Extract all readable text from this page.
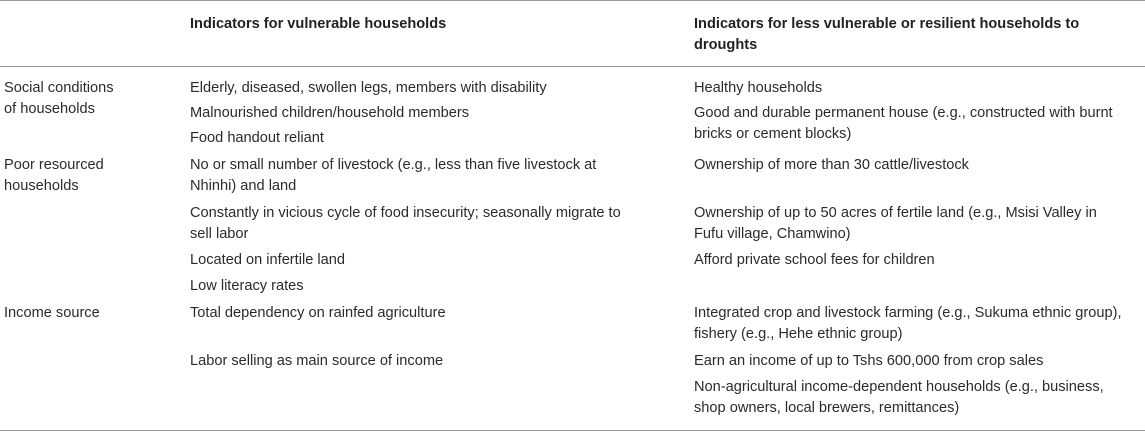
Indicators for vulnerable households	Indicators for less vulnerable or resilient households to
droughts
Social conditions
of households
Elderly, diseased, swollen legs, members with disability
Malnourished children/household members
Food handout reliant
Healthy households
Good and durable permanent house (e.g., constructed with burnt
bricks or cement blocks)
Poor resourced
households
No or small number of livestock (e.g., less than five livestock at
Nhinhi) and land
Constantly in vicious cycle of food insecurity; seasonally migrate to
sell labor
Located on infertile land
Low literacy rates
Ownership of more than 30 cattle/livestock
Ownership of up to 50 acres of fertile land (e.g., Msisi Valley in
Fufu village, Chamwino)
Afford private school fees for children
Income source	Total dependency on rainfed agriculture
Labor selling as main source of income
Integrated crop and livestock farming (e.g., Sukuma ethnic group),
fishery (e.g., Hehe ethnic group)
Earn an income of up to Tshs 600,000 from crop sales
Non-agricultural income-dependent households (e.g., business,
shop owners, local brewers, remittances)
